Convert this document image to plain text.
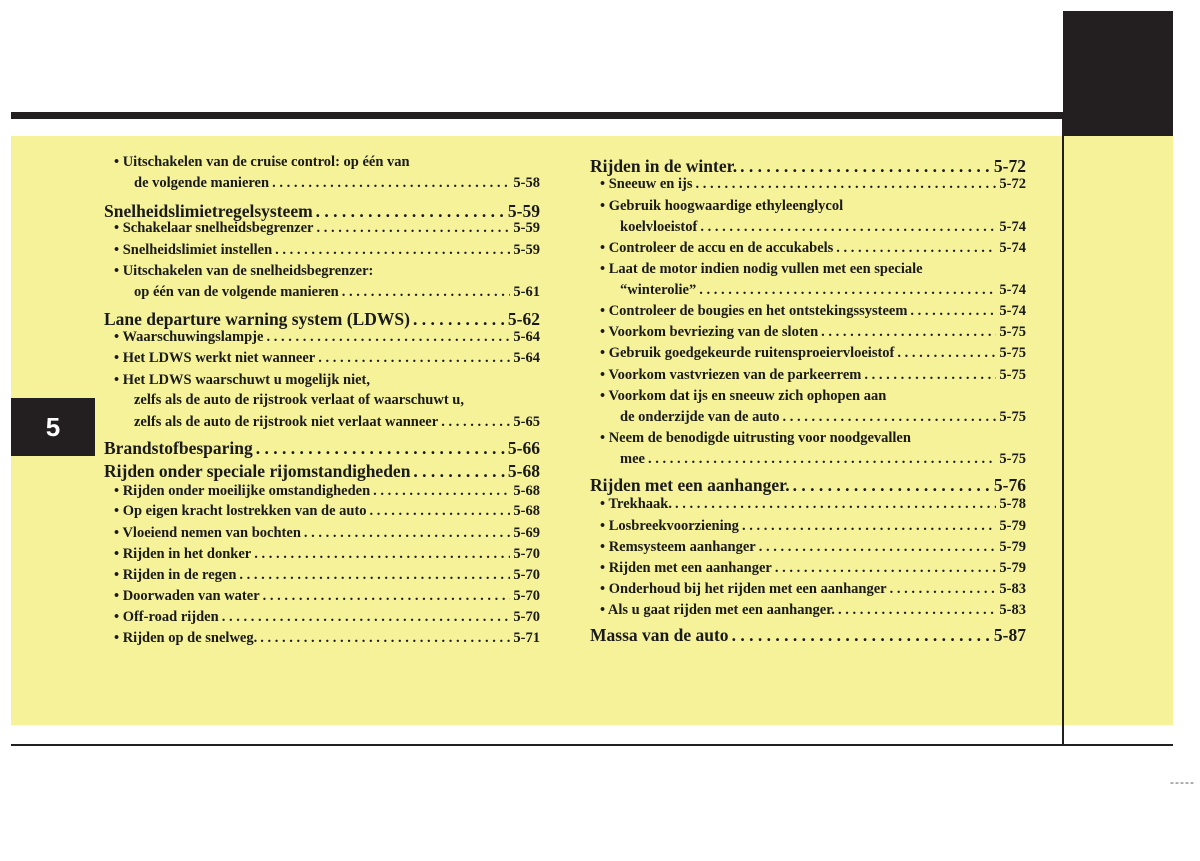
5
-----
• Uitschakelen van de cruise control: op één van
de volgende manieren . . .	5-58
Snelheidslimietregelsysteem . . .	5-59
• Schakelaar snelheidsbegrenzer . . .	5-59
• Snelheidslimiet instellen . . .	5-59
• Uitschakelen van de snelheidsbegrenzer:
op één van de volgende manieren . . .	5-61
Lane departure warning system (LDWS) . . .	5-62
• Waarschuwingslampje . . .	5-64
• Het LDWS werkt niet wanneer . . .	5-64
• Het LDWS waarschuwt u mogelijk niet,
zelfs als de auto de rijstrook verlaat of waarschuwt u,
zelfs als de auto de rijstrook niet verlaat wanneer . . .	5-65
Brandstofbesparing . . .	5-66
Rijden onder speciale rijomstandigheden . . .	5-68
• Rijden onder moeilijke omstandigheden . . .	5-68
• Op eigen kracht lostrekken van de auto . . .	5-68
• Vloeiend nemen van bochten . . .	5-69
• Rijden in het donker . . .	5-70
• Rijden in de regen . . .	5-70
• Doorwaden van water . . .	5-70
• Off-road rijden . . .	5-70
• Rijden op de snelweg. . . .	5-71
Rijden in de winter. . . .	5-72
• Sneeuw en ijs . . .	5-72
• Gebruik hoogwaardige ethyleenglycol
koelvloeistof . . .	5-74
• Controleer de accu en de accukabels . . .	5-74
• Laat de motor indien nodig vullen met een speciale
“winterolie” . . .	5-74
• Controleer de bougies en het ontstekingssysteem . . .	5-74
• Voorkom bevriezing van de sloten . . .	5-75
• Gebruik goedgekeurde ruitensproeiervloeistof . . .	5-75
• Voorkom vastvriezen van de parkeerrem . . .	5-75
• Voorkom dat ijs en sneeuw zich ophopen aan
de onderzijde van de auto . . .	5-75
• Neem de benodigde uitrusting voor noodgevallen
mee . . .	5-75
Rijden met een aanhanger. . . .	5-76
• Trekhaak. . . .	5-78
• Losbreekvoorziening . . .	5-79
• Remsysteem aanhanger . . .	5-79
• Rijden met een aanhanger . . .	5-79
• Onderhoud bij het rijden met een aanhanger . . .	5-83
• Als u gaat rijden met een aanhanger. . . .	5-83
Massa van de auto . . .	5-87
